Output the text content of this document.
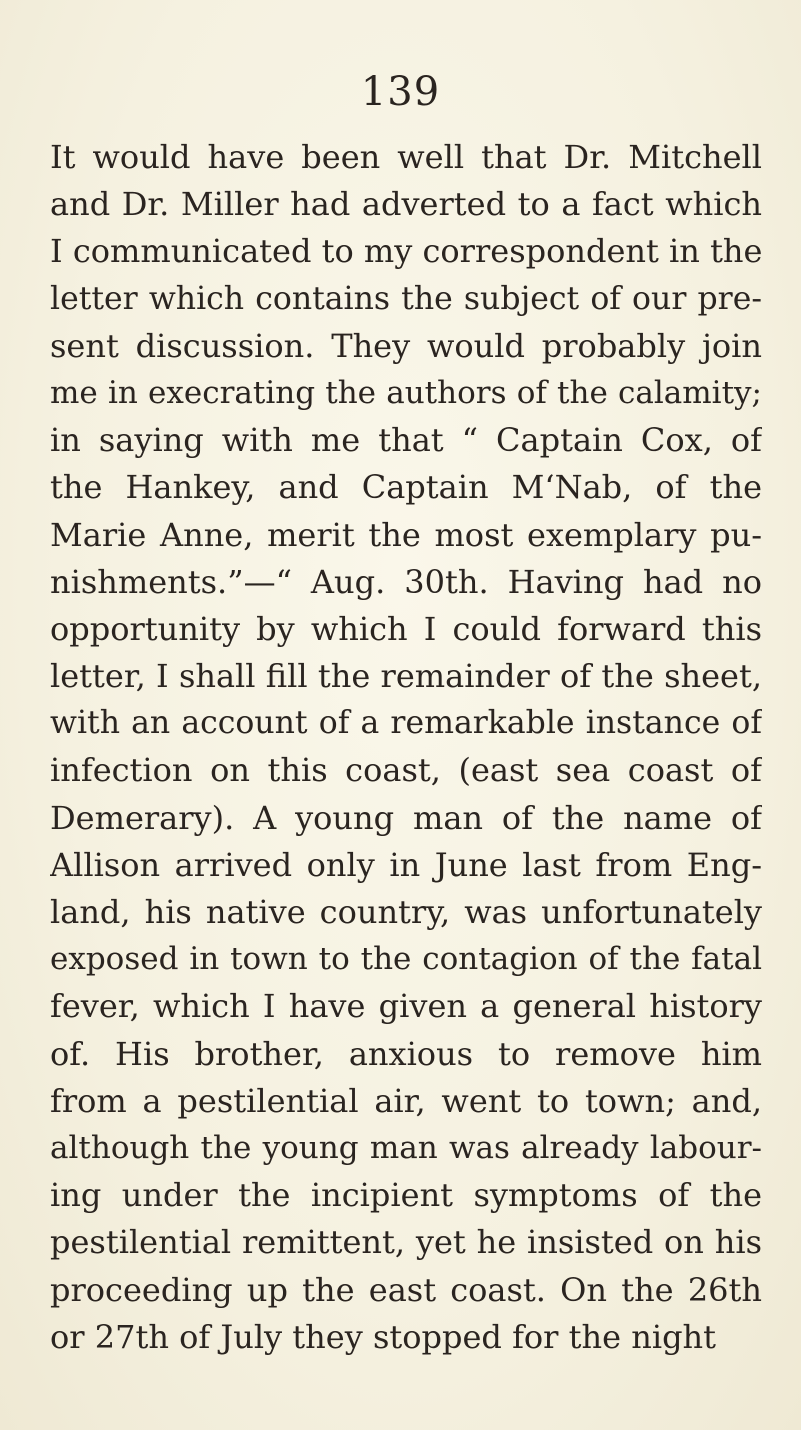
139
It would have been well that Dr. Mitchell
and Dr. Miller had adverted to a fact which
I communicated to my correspondent in the
letter which contains the subject of our pre-
sent discussion. They would probably join
me in execrating the authors of the calamity;
in saying with me that “ Captain Cox, of
the Hankey, and Captain M‘Nab, of the
Marie Anne, merit the most exemplary pu-
nishments.”—“ Aug. 30th. Having had no
opportunity by which I could forward this
letter, I shall fill the remainder of the sheet,
with an account of a remarkable instance of
infection on this coast, (east sea coast of
Demerary). A young man of the name of
Allison arrived only in June last from Eng-
land, his native country, was unfortunately
exposed in town to the contagion of the fatal
fever, which I have given a general history
of. His brother, anxious to remove him
from a pestilential air, went to town; and,
although the young man was already labour-
ing under the incipient symptoms of the
pestilential remittent, yet he insisted on his
proceeding up the east coast. On the 26th
or 27th of July they stopped for the night
